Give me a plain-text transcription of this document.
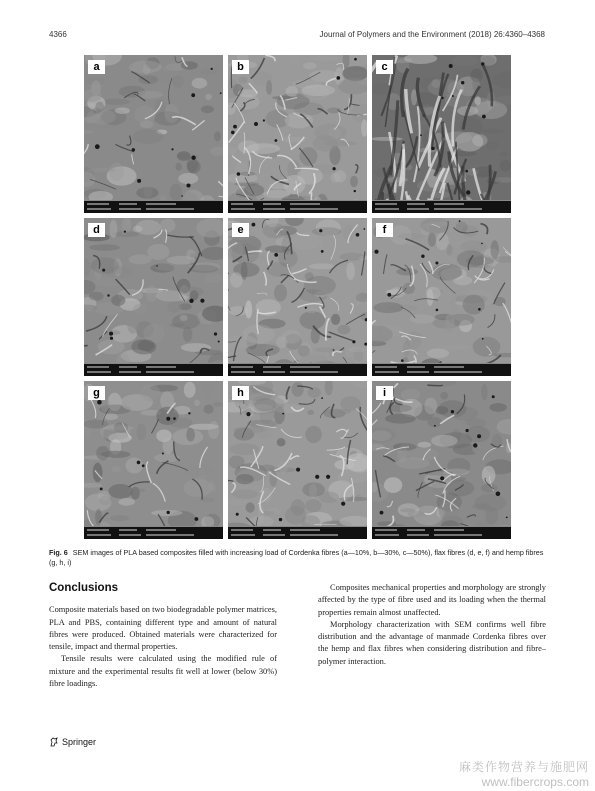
4366	Journal of Polymers and the Environment (2018) 26:4360–4368
a	b	c
d	e	f
g	h	i
Fig. 6 SEM images of PLA based composites filled with increasing load of Cordenka fibres (a—10%, b—30%, c—50%), flax fibres (d, e, f) and hemp fibres (g, h, i)
Conclusions

Composite materials based on two biodegradable polymer matrices, PLA and PBS, containing different type and amount of natural fibres were produced. Obtained materials were characterized for tensile, impact and thermal properties.

Tensile results were calculated using the modified rule of mixture and the experimental results fit well at lower (below 30%) fibre loadings.

Composites mechanical properties and morphology are strongly affected by the type of fibre used and its loading when the thermal properties remain almost unaffected.

Morphology characterization with SEM confirms well fibre distribution and the advantage of manmade Cordenka fibres over the hemp and flax fibres when considering distribution and fibre–polymer interaction.

Springer
麻类作物营养与施肥网
www.fibercrops.com
